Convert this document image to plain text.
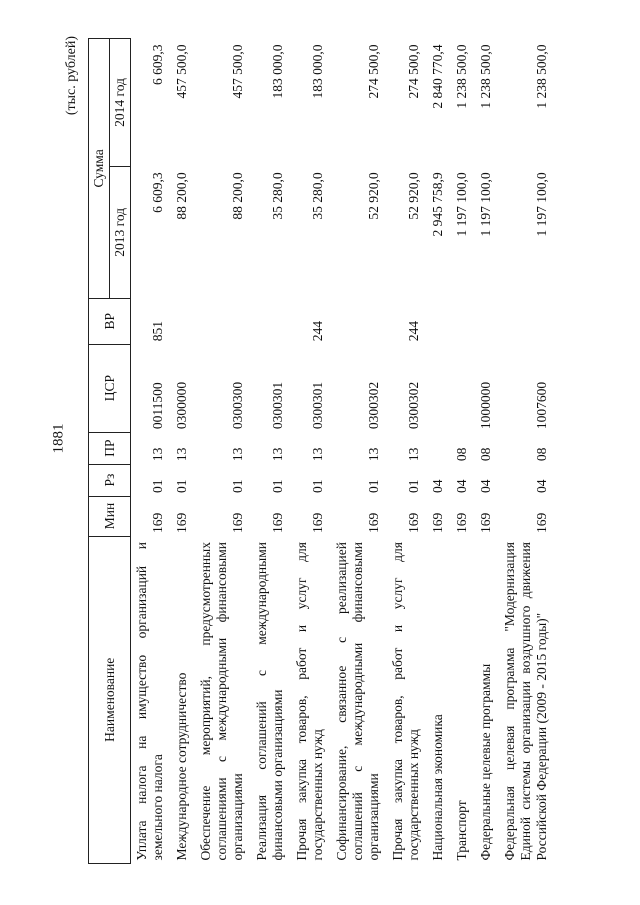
1881
(тыс. рублей)
Наименование	Мин	Рз	ПР	ЦСР	ВР	Сумма	
						2013 год	2014 год
Уплата налога на имущество организаций и земельного налога	169	01	13	0011500	851	6 609,3	6 609,3
Международное сотрудничество	169	01	13	0300000		88 200,0	457 500,0
Обеспечение мероприятий, предусмотренных соглашениями с международными финансовыми организациями	169	01	13	0300300		88 200,0	457 500,0
Реализация соглашений с международными финансовыми организациями	169	01	13	0300301		35 280,0	183 000,0
Прочая закупка товаров, работ и услуг для государственных нужд	169	01	13	0300301	244	35 280,0	183 000,0
Софинансирование, связанное с реализацией соглашений с международными финансовыми организациями	169	01	13	0300302		52 920,0	274 500,0
Прочая закупка товаров, работ и услуг для государственных нужд	169	01	13	0300302	244	52 920,0	274 500,0
Национальная экономика	169	04				2 945 758,9	2 840 770,4
Транспорт	169	04	08			1 197 100,0	1 238 500,0
Федеральные целевые программы	169	04	08	1000000		1 197 100,0	1 238 500,0
Федеральная целевая программа "Модернизация Единой системы организации воздушного движения Российской Федерации (2009 - 2015 годы)"	169	04	08	1007600		1 197 100,0	1 238 500,0
